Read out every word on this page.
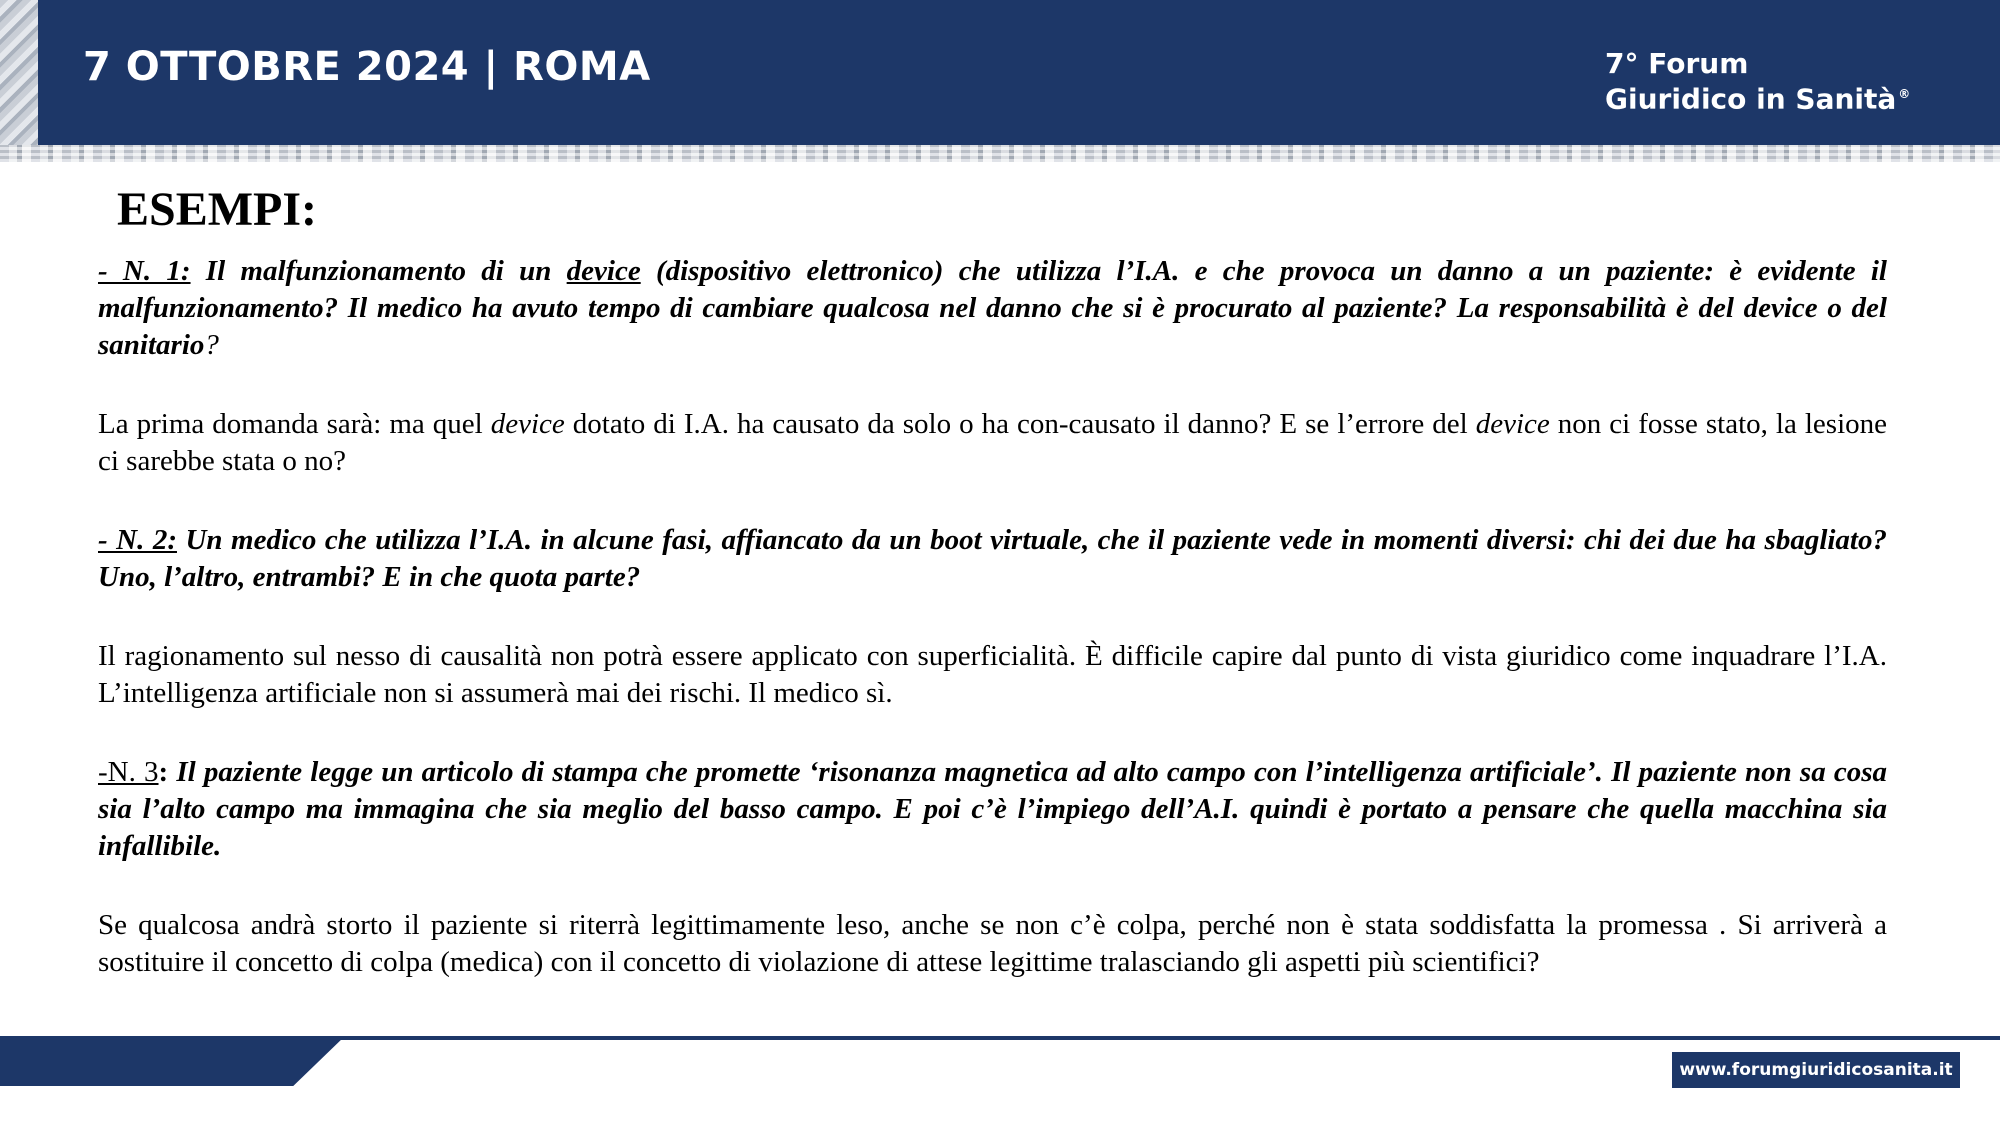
7 OTTOBRE 2024 | ROMA	7° Forum
Giuridico in Sanità ®
ESEMPI:

- N. 1: Il malfunzionamento di un device (dispositivo elettronico) che utilizza l’I.A. e che provoca un danno a un paziente: è evidente il malfunzionamento? Il medico ha avuto tempo di cambiare qualcosa nel danno che si è procurato al paziente? La responsabilità è del device o del sanitario?

La prima domanda sarà: ma quel device dotato di I.A. ha causato da solo o ha con-causato il danno? E se l’errore del device non ci fosse stato, la lesione ci sarebbe stata o no?

- N. 2: Un medico che utilizza l’I.A. in alcune fasi, affiancato da un boot virtuale, che il paziente vede in momenti diversi: chi dei due ha sbagliato? Uno, l’altro, entrambi? E in che quota parte?

Il ragionamento sul nesso di causalità non potrà essere applicato con superficialità. È difficile capire dal punto di vista giuridico come inquadrare l’I.A. L’intelligenza artificiale non si assumerà mai dei rischi. Il medico sì.

-N. 3: Il paziente legge un articolo di stampa che promette ‘risonanza magnetica ad alto campo con l’intelligenza artificiale’. Il paziente non sa cosa sia l’alto campo ma immagina che sia meglio del basso campo. E poi c’è l’impiego dell’A.I. quindi è portato a pensare che quella macchina sia infallibile.

Se qualcosa andrà storto il paziente si riterrà legittimamente leso, anche se non c’è colpa, perché non è stata soddisfatta la promessa . Si arriverà a sostituire il concetto di colpa (medica) con il concetto di violazione di attese legittime tralasciando gli aspetti più scientifici?

www.forumgiuridicosanita.it
